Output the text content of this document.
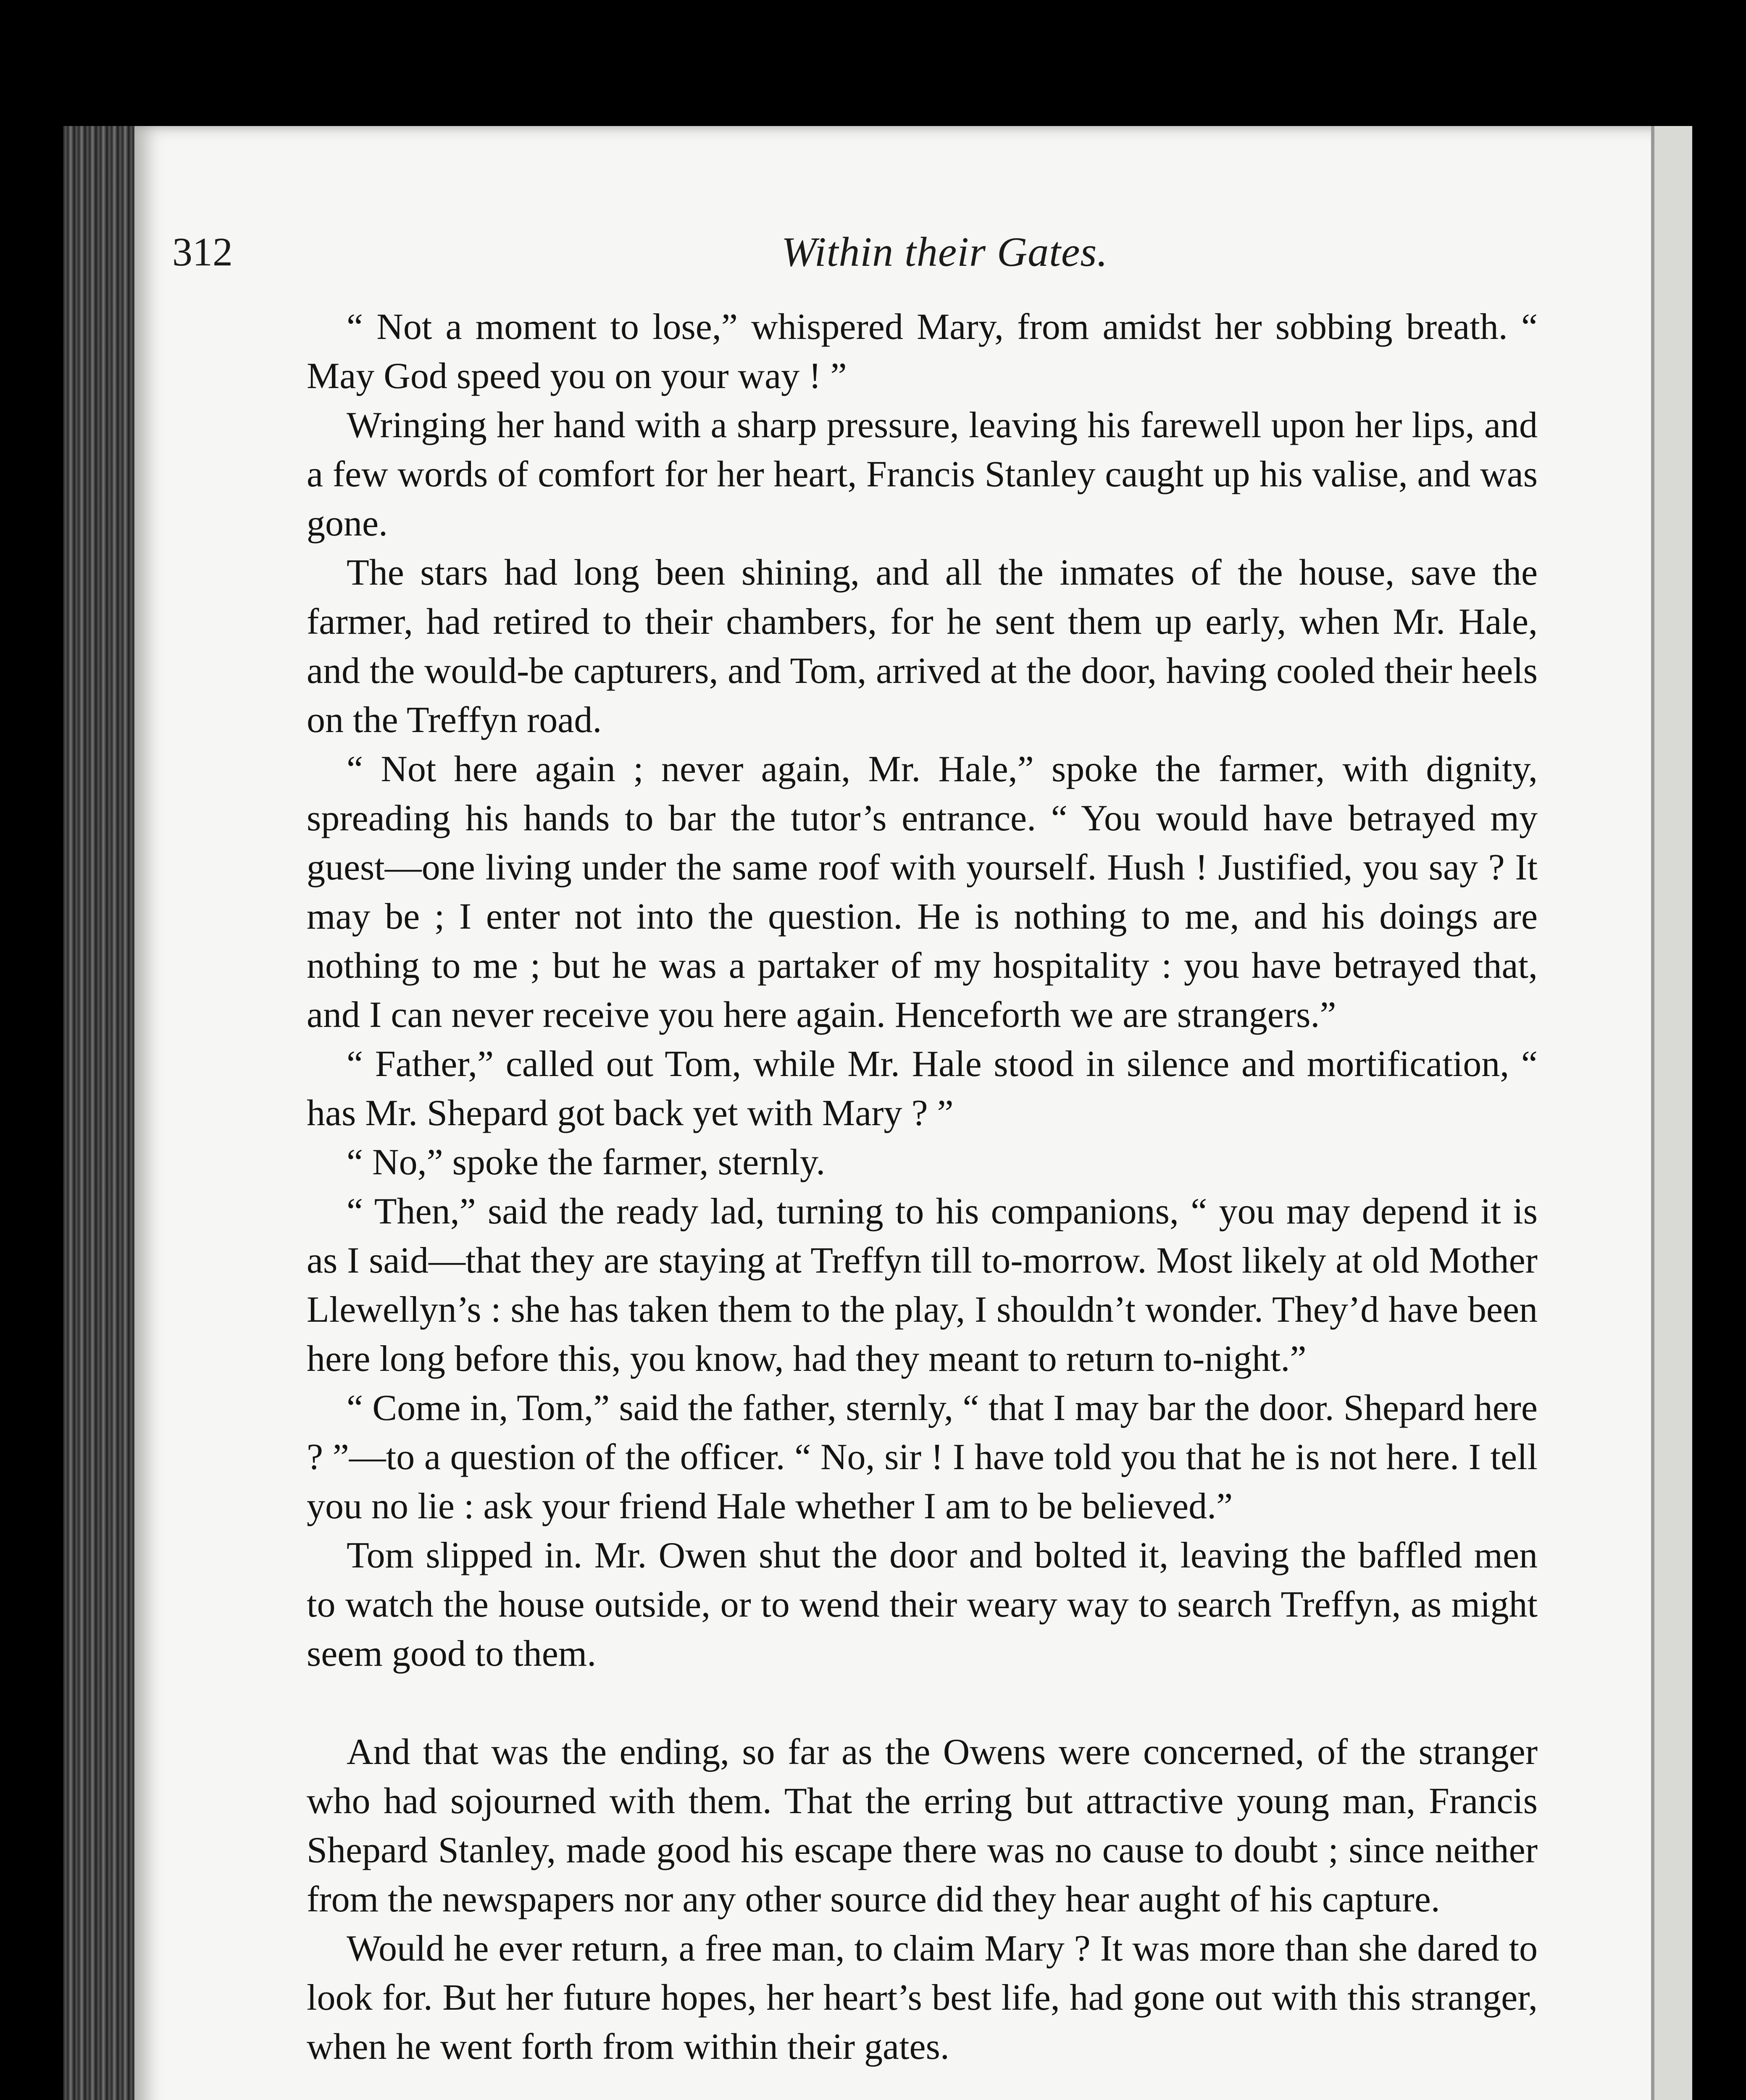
312	Within their Gates.

“ Not a moment to lose,” whispered Mary, from amidst her sobbing breath. “ May God speed you on your way ! ”

Wringing her hand with a sharp pressure, leaving his farewell upon her lips, and a few words of comfort for her heart, Francis Stanley caught up his valise, and was gone.

The stars had long been shining, and all the inmates of the house, save the farmer, had retired to their chambers, for he sent them up early, when Mr. Hale, and the would-be capturers, and Tom, arrived at the door, having cooled their heels on the Treffyn road.

“ Not here again ; never again, Mr. Hale,” spoke the farmer, with dignity, spreading his hands to bar the tutor’s entrance. “ You would have betrayed my guest—one living under the same roof with yourself. Hush ! Justified, you say ? It may be ; I enter not into the question. He is nothing to me, and his doings are nothing to me ; but he was a partaker of my hospitality : you have betrayed that, and I can never receive you here again. Henceforth we are strangers.”

“ Father,” called out Tom, while Mr. Hale stood in silence and mortification, “ has Mr. Shepard got back yet with Mary ? ”

“ No,” spoke the farmer, sternly.

“ Then,” said the ready lad, turning to his companions, “ you may depend it is as I said—that they are staying at Treffyn till to-morrow. Most likely at old Mother Llewellyn’s : she has taken them to the play, I shouldn’t wonder. They’d have been here long before this, you know, had they meant to return to-night.”

“ Come in, Tom,” said the father, sternly, “ that I may bar the door. Shepard here ? ”—to a question of the officer. “ No, sir ! I have told you that he is not here. I tell you no lie : ask your friend Hale whether I am to be believed.”

Tom slipped in. Mr. Owen shut the door and bolted it, leaving the baffled men to watch the house outside, or to wend their weary way to search Treffyn, as might seem good to them.

And that was the ending, so far as the Owens were concerned, of the stranger who had sojourned with them. That the erring but attractive young man, Francis Shepard Stanley, made good his escape there was no cause to doubt ; since neither from the newspapers nor any other source did they hear aught of his capture.

Would he ever return, a free man, to claim Mary ? It was more than she dared to look for. But her future hopes, her heart’s best life, had gone out with this stranger, when he went forth from within their gates.
